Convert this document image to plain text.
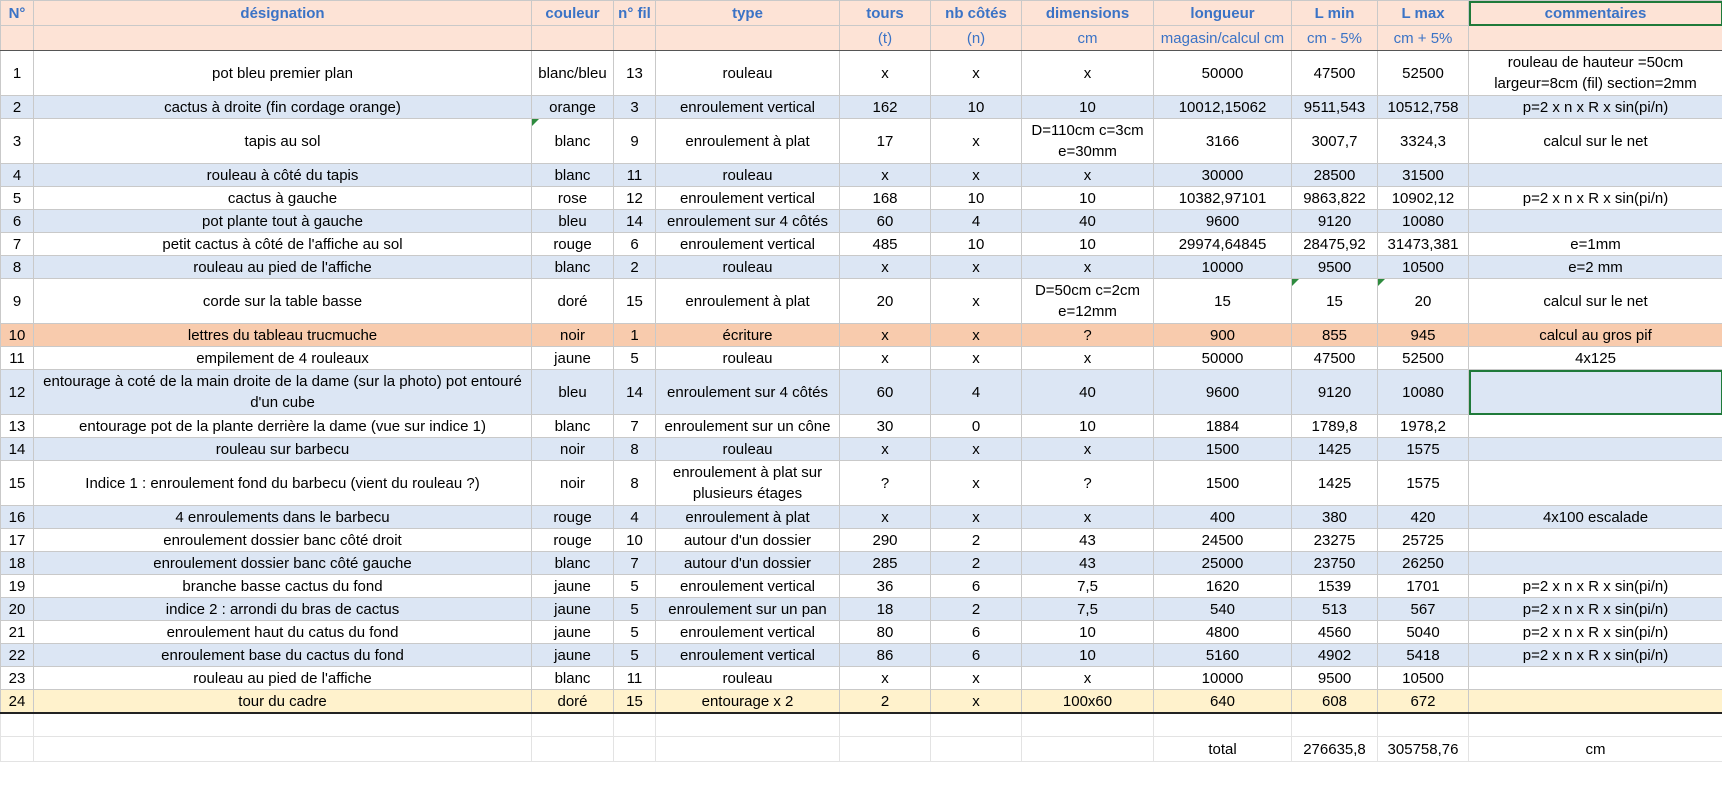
N°	désignation	couleur	n° fil	type	tours	nb côtés	dimensions	longueur	L min	L max	commentaires
					(t)	(n)	cm	magasin/calcul cm	cm - 5%	cm + 5%	
1	pot bleu premier plan	blanc/bleu	13	rouleau	x	x	x	50000	47500	52500	rouleau de hauteur =50cm largeur=8cm (fil) section=2mm
2	cactus à droite (fin cordage orange)	orange	3	enroulement vertical	162	10	10	10012,15062	9511,543	10512,758	p=2 x n x R x sin(pi/n)
3	tapis au sol	blanc	9	enroulement à plat	17	x	D=110cm c=3cm e=30mm	3166	3007,7	3324,3	calcul sur le net
4	rouleau à côté du tapis	blanc	11	rouleau	x	x	x	30000	28500	31500	
5	cactus à gauche	rose	12	enroulement vertical	168	10	10	10382,97101	9863,822	10902,12	p=2 x n x R x sin(pi/n)
6	pot plante tout à gauche	bleu	14	enroulement sur 4 côtés	60	4	40	9600	9120	10080	
7	petit cactus à côté de l'affiche au sol	rouge	6	enroulement vertical	485	10	10	29974,64845	28475,92	31473,381	e=1mm
8	rouleau au pied de l'affiche	blanc	2	rouleau	x	x	x	10000	9500	10500	e=2 mm
9	corde sur la table basse	doré	15	enroulement à plat	20	x	D=50cm c=2cm e=12mm	15	15	20	calcul sur le net
10	lettres du tableau trucmuche	noir	1	écriture	x	x	?	900	855	945	calcul au gros pif
11	empilement de 4 rouleaux	jaune	5	rouleau	x	x	x	50000	47500	52500	4x125
12	entourage à coté de la main droite de la dame (sur la photo) pot entouré d'un cube	bleu	14	enroulement sur 4 côtés	60	4	40	9600	9120	10080	
13	entourage pot de la plante derrière la dame (vue sur indice 1)	blanc	7	enroulement sur un cône	30	0	10	1884	1789,8	1978,2	
14	rouleau sur barbecu	noir	8	rouleau	x	x	x	1500	1425	1575	
15	Indice 1 : enroulement fond du barbecu (vient du rouleau ?)	noir	8	enroulement à plat sur plusieurs étages	?	x	?	1500	1425	1575	
16	4 enroulements dans le barbecu	rouge	4	enroulement à plat	x	x	x	400	380	420	4x100 escalade
17	enroulement dossier banc côté droit	rouge	10	autour d'un dossier	290	2	43	24500	23275	25725	
18	enroulement dossier banc côté gauche	blanc	7	autour d'un dossier	285	2	43	25000	23750	26250	
19	branche basse cactus du fond	jaune	5	enroulement vertical	36	6	7,5	1620	1539	1701	p=2 x n x R x sin(pi/n)
20	indice 2 : arrondi du bras de cactus	jaune	5	enroulement sur un pan	18	2	7,5	540	513	567	p=2 x n x R x sin(pi/n)
21	enroulement haut du catus du fond	jaune	5	enroulement vertical	80	6	10	4800	4560	5040	p=2 x n x R x sin(pi/n)
22	enroulement base du cactus du fond	jaune	5	enroulement vertical	86	6	10	5160	4902	5418	p=2 x n x R x sin(pi/n)
23	rouleau au pied de l'affiche	blanc	11	rouleau	x	x	x	10000	9500	10500	
24	tour du cadre	doré	15	entourage x 2	2	x	100x60	640	608	672	

								total	276635,8	305758,76	cm
